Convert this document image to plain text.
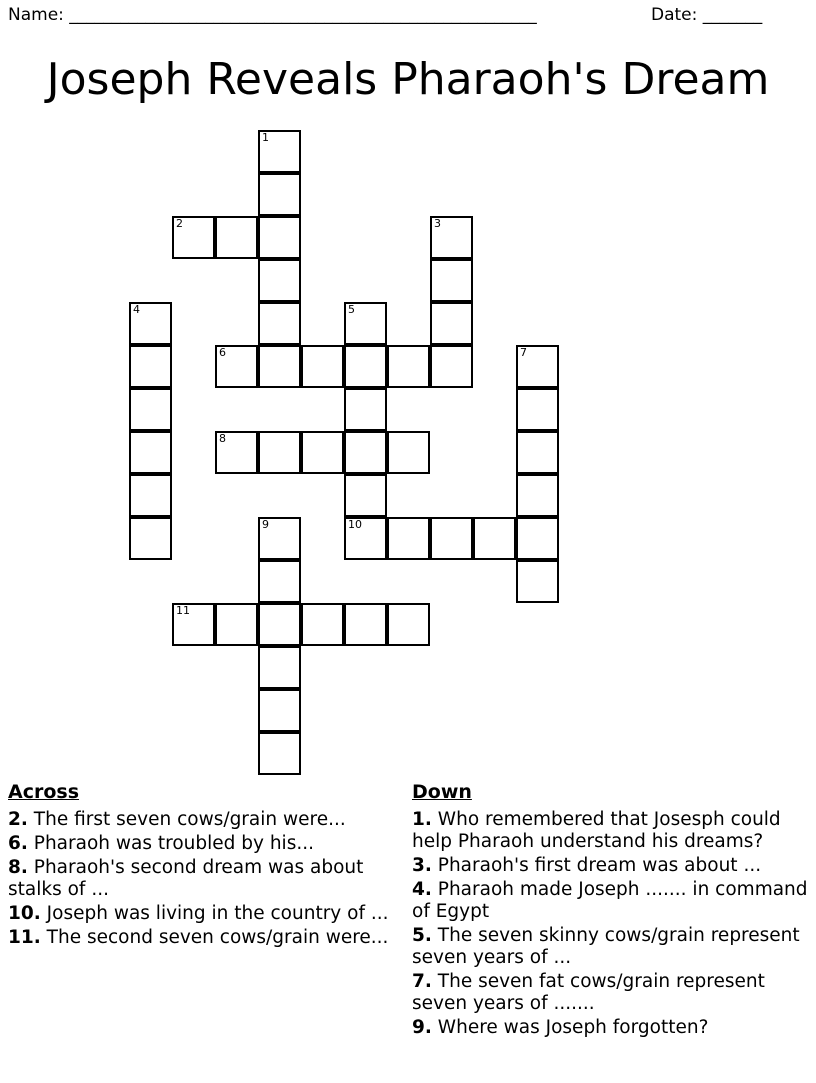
Name: _______________________________________________________	Date: _______
Joseph Reveals Pharaoh's Dream
1
2	3
4	5
10
6	7
8
9
11
Across
2. The first seven cows/grain were...
6. Pharaoh was troubled by his...
8. Pharaoh's second dream was about stalks of ...
10. Joseph was living in the country of ...
11. The second seven cows/grain were...
Down
1. Who remembered that Josesph could help Pharaoh understand his dreams?
3. Pharaoh's first dream was about ...
4. Pharaoh made Joseph ....... in command of Egypt
5. The seven skinny cows/grain represent seven years of ...
7. The seven fat cows/grain represent seven years of .......
9. Where was Joseph forgotten?
